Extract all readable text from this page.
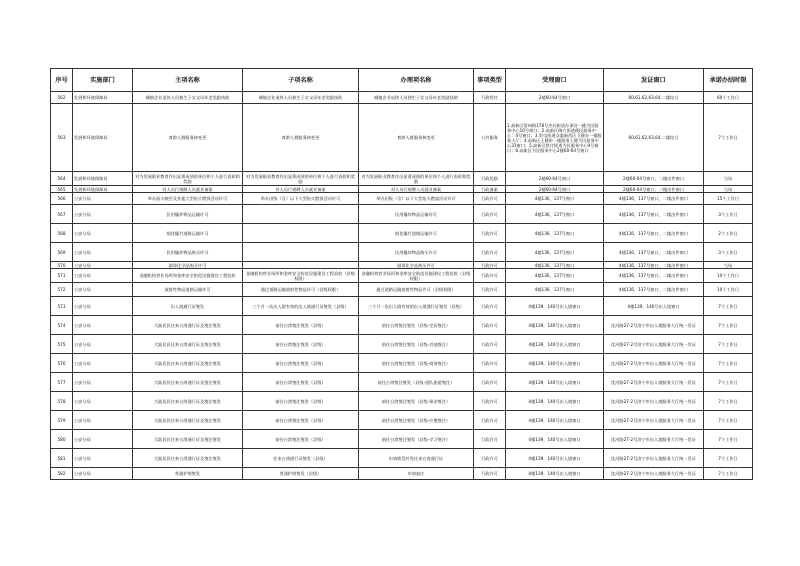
序号	实施部门	主项名称	子项名称	办理项名称	事项类型	受理窗口	发证窗口	承诺办结时限
562	发展和环境保障局	城镇企业退休人员独生子女父母年老奖励扶助	城镇企业退休人员独生子女父母年老奖励扶助	城镇企业退休人员独生子女父母年老奖励扶助	行政给付	2楼60-64号窗口	60,61,62,63,64,二楼综合	60个工作日
563	发展和环境保障局	育龄人群服务核变更	育龄人群服务核变更	育龄人群服务核变更	公共服务	1.高新区常州路178号杰问街道办事处一楼为民服务中心10号窗口；2.高新区陶方街道便民服务中心：4号窗口；3.窦屯街道众惠新西区卫健办一楼服务大厅；4.高新区王健街一楼服务王健为民服务中心31窗口；5.高新区续庄街道为民服务中心9号窗口；6.高新区为民服务中心2楼60-64号窗口	60,61,62,63,64,二楼综合	7个工作日
564	发展和环境保障局	对为发展职业教育作出显著成绩的单位和个人进行表彰和奖励	对为发展职业教育作出显著成绩的单位和个人进行表彰和奖励	对为发展职业教育作出显著成绩的单位和个人进行表彰和奖励	行政奖励	2楼60-64号窗口	2楼60-64号窗口，二楼出件窗口	当场
565	发展和环境保障局	对人员行规聘入员就业备案	对人员行规聘入员就业备案	对人员行规聘入员就业备案	行政备案	2楼60-64号窗口	2楼60-64号窗口，二楼出件窗口	当场
566	公安分局	举办焰火晚会及其他大型焰火燃放活动许可	举办田级（含）以下大型焰火燃放活动许可	举办田级（含）以下大型焰火燃放活动许可	行政许可	4楼136，137号窗口	4楼136，137号窗口，二楼出件窗口	15个工作日
567	公安分局	民用爆炸物品运输许可		民用爆炸物品运输许可	行政许可	4楼136，137号窗口	4楼136，137号窗口，二楼出件窗口	3个工作日
568	公安分局	烟花爆竹道路运输许可		烟花爆竹道路运输许可	行政许可	4楼136，137号窗口	4楼136，137号窗口，二楼出件窗口	2个工作日
569	公安分局	民用爆炸物品购买许可		民用爆炸物品购买许可	行政许可	4楼136，137号窗口	4楼136，137号窗口，二楼出件窗口	3个工作日
570	公安分局	剧毒化学品购买许可		剧毒化学品购买许可	行政许可	4楼136，137号窗口	4楼136，137号窗口，二楼出件窗口	当场
571	公安分局	金融机构营业场所和金库安全防范设施建设工程验收	金融机构营业场所和金库安全防范设施建设工程验收（县级权限）	金融机构营业场所和金库安全防范设施建设工程验收（县级权限）	行政许可	4楼136，137号窗口	4楼136，137号窗口，二楼出件窗口	10个工作日
572	公安分局	放射性物品道路运输许可	通过道路运输放射性物品许可（县级权限）	通过道路运输放射性物品许可（县级权限）	行政许可	4楼136，137号窗口	4楼136，137号窗口，二楼出件窗口	10个工作日
573	公安分局	出入境通行证签发	三个月一次出入境有效的出入境通行证签发（县级）	三个月一次出入境有效的出入境通行证签发（县级）	行政许可	4楼139，140号出入境窗口	4楼139，140号出入境窗口	7个工作日
574	公安分局	大陆居民往来台湾通行证及签注签发	前往台湾签注签发（县级）	前往台湾签注签发（县级-定居签注）	行政许可	4楼139，140号出入境窗口	沈河路27-2号济宁市出入境服务大厅统一发证	7个工作日
575	公安分局	大陆居民往来台湾通行证及签注签发	前往台湾签注签发（县级）	前往台湾签注签发（县级-其他签注）	行政许可	4楼139，140号出入境窗口	沈河路27-2号济宁市出入境服务大厅统一发证	7个工作日
576	公安分局	大陆居民往来台湾通行证及签注签发	前往台湾签注签发（县级）	前往台湾签注签发（县级-商务签注）	行政许可	4楼139，140号出入境窗口	沈河路27-2号济宁市出入境服务大厅统一发证	7个工作日
577	公安分局	大陆居民往来台湾通行证及签注签发	前往台湾签注签发（县级）	前往台湾签注签发（县级-团队旅游签注）	行政许可	4楼139，140号出入境窗口	沈河路27-2号济宁市出入境服务大厅统一发证	7个工作日
578	公安分局	大陆居民往来台湾通行证及签注签发	前往台湾签注签发（县级）	前往台湾签注签发（县级-探亲签注）	行政许可	4楼139，140号出入境窗口	沈河路27-2号济宁市出入境服务大厅统一发证	7个工作日
579	公安分局	大陆居民往来台湾通行证及签注签发	前往台湾签注签发（县级）	前往台湾签注签发（县级-应邀签注）	行政许可	4楼139，140号出入境窗口	沈河路27-2号济宁市出入境服务大厅统一发证	7个工作日
580	公安分局	大陆居民往来台湾通行证及签注签发	前往台湾签注签发（县级）	前往台湾签注签发（县级-学习签注）	行政许可	4楼139，140号出入境窗口	沈河路27-2号济宁市出入境服务大厅统一发证	7个工作日
581	公安分局	大陆居民往来台湾通行证及签注签发	往来台湾通行证签发（县级）	申请换发补发往来台湾通行证	行政许可	4楼139，140号出入境窗口	沈河路27-2号济宁市出入境服务大厅统一发证	7个工作日
582	公安分局	普通护照签发	普通护照签发（县级）	申请加注	行政许可	4楼139，140号出入境窗口	沈河路27-2号济宁市出入境服务大厅统一发证	7个工作日
